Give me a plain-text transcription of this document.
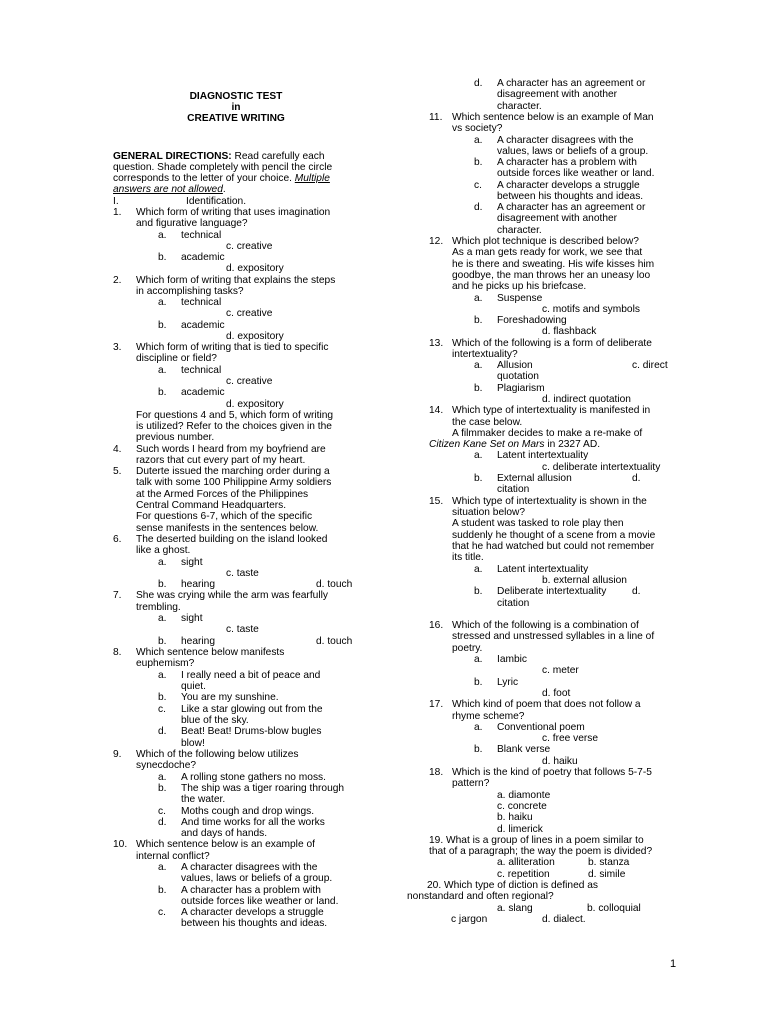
DIAGNOSTIC TEST
in
CREATIVE WRITING
GENERAL DIRECTIONS: Read carefully each
question. Shade completely with pencil the circle
corresponds to the letter of your choice. Multiple
answers are not allowed.
I.	Identification.
1. Which form of writing that uses imagination
and figurative language?
a. technical
c. creative
b. academic
d. expository
2. Which form of writing that explains the steps
in accomplishing tasks?
a. technical
c. creative
b. academic
d. expository
3. Which form of writing that is tied to specific
discipline or field?
a. technical
c. creative
b. academic
d. expository
For questions 4 and 5, which form of writing
is utilized? Refer to the choices given in the
previous number.
4. Such words I heard from my boyfriend are
razors that cut every part of my heart.
5. Duterte issued the marching order during a
talk with some 100 Philippine Army soldiers
at the Armed Forces of the Philippines
Central Command Headquarters.
For questions 6-7, which of the specific
sense manifests in the sentences below.
6. The deserted building on the island looked
like a ghost.
a. sight
c. taste
b. hearing	d. touch
7. She was crying while the arm was fearfully
trembling.
a. sight
c. taste
b. hearing	d. touch
8. Which sentence below manifests
euphemism?
a. I really need a bit of peace and
quiet.
b. You are my sunshine.
c. Like a star glowing out from the
blue of the sky.
d. Beat! Beat! Drums-blow bugles
blow!
9. Which of the following below utilizes
synecdoche?
a. A rolling stone gathers no moss.
b. The ship was a tiger roaring through
the water.
c. Moths cough and drop wings.
d. And time works for all the works
and days of hands.
10. Which sentence below is an example of
internal conflict?
a. A character disagrees with the
values, laws or beliefs of a group.
b. A character has a problem with
outside forces like weather or land.
c. A character develops a struggle
between his thoughts and ideas.
d. A character has an agreement or
disagreement with another
character.
11. Which sentence below is an example of Man
vs society?
a. A character disagrees with the
values, laws or beliefs of a group.
b. A character has a problem with
outside forces like weather or land.
c. A character develops a struggle
between his thoughts and ideas.
d. A character has an agreement or
disagreement with another
character.
12. Which plot technique is described below?
As a man gets ready for work, we see that
he is there and sweating. His wife kisses him
goodbye, the man throws her an uneasy loo
and he picks up his briefcase.
a. Suspense
c. motifs and symbols
b. Foreshadowing
d. flashback
13. Which of the following is a form of deliberate
intertextuality?
a. Allusion	c. direct
quotation
b. Plagiarism
d. indirect quotation
14. Which type of intertextuality is manifested in
the case below.
A filmmaker decides to make a re-make of
Citizen Kane Set on Mars in 2327 AD.
a. Latent intertextuality
c. deliberate intertextuality
b. External allusion	d.
citation
15. Which type of intertextuality is shown in the
situation below?
A student was tasked to role play then
suddenly he thought of a scene from a movie
that he had watched but could not remember
its title.
a. Latent intertextuality
b. external allusion
b. Deliberate intertextuality	d.
citation
16. Which of the following is a combination of
stressed and unstressed syllables in a line of
poetry.
a. Iambic
c. meter
b. Lyric
d. foot
17. Which kind of poem that does not follow a
rhyme scheme?
a. Conventional poem
c. free verse
b. Blank verse
d. haiku
18. Which is the kind of poetry that follows 5-7-5
pattern?
a. diamonte
c. concrete
b. haiku
d. limerick
19. What is a group of lines in a poem similar to
that of a paragraph; the way the poem is divided?
a. alliteration	b. stanza
c. repetition	d. simile
20. Which type of diction is defined as
nonstandard and often regional?
a. slang	b. colloquial
c jargon	d. dialect.
1
